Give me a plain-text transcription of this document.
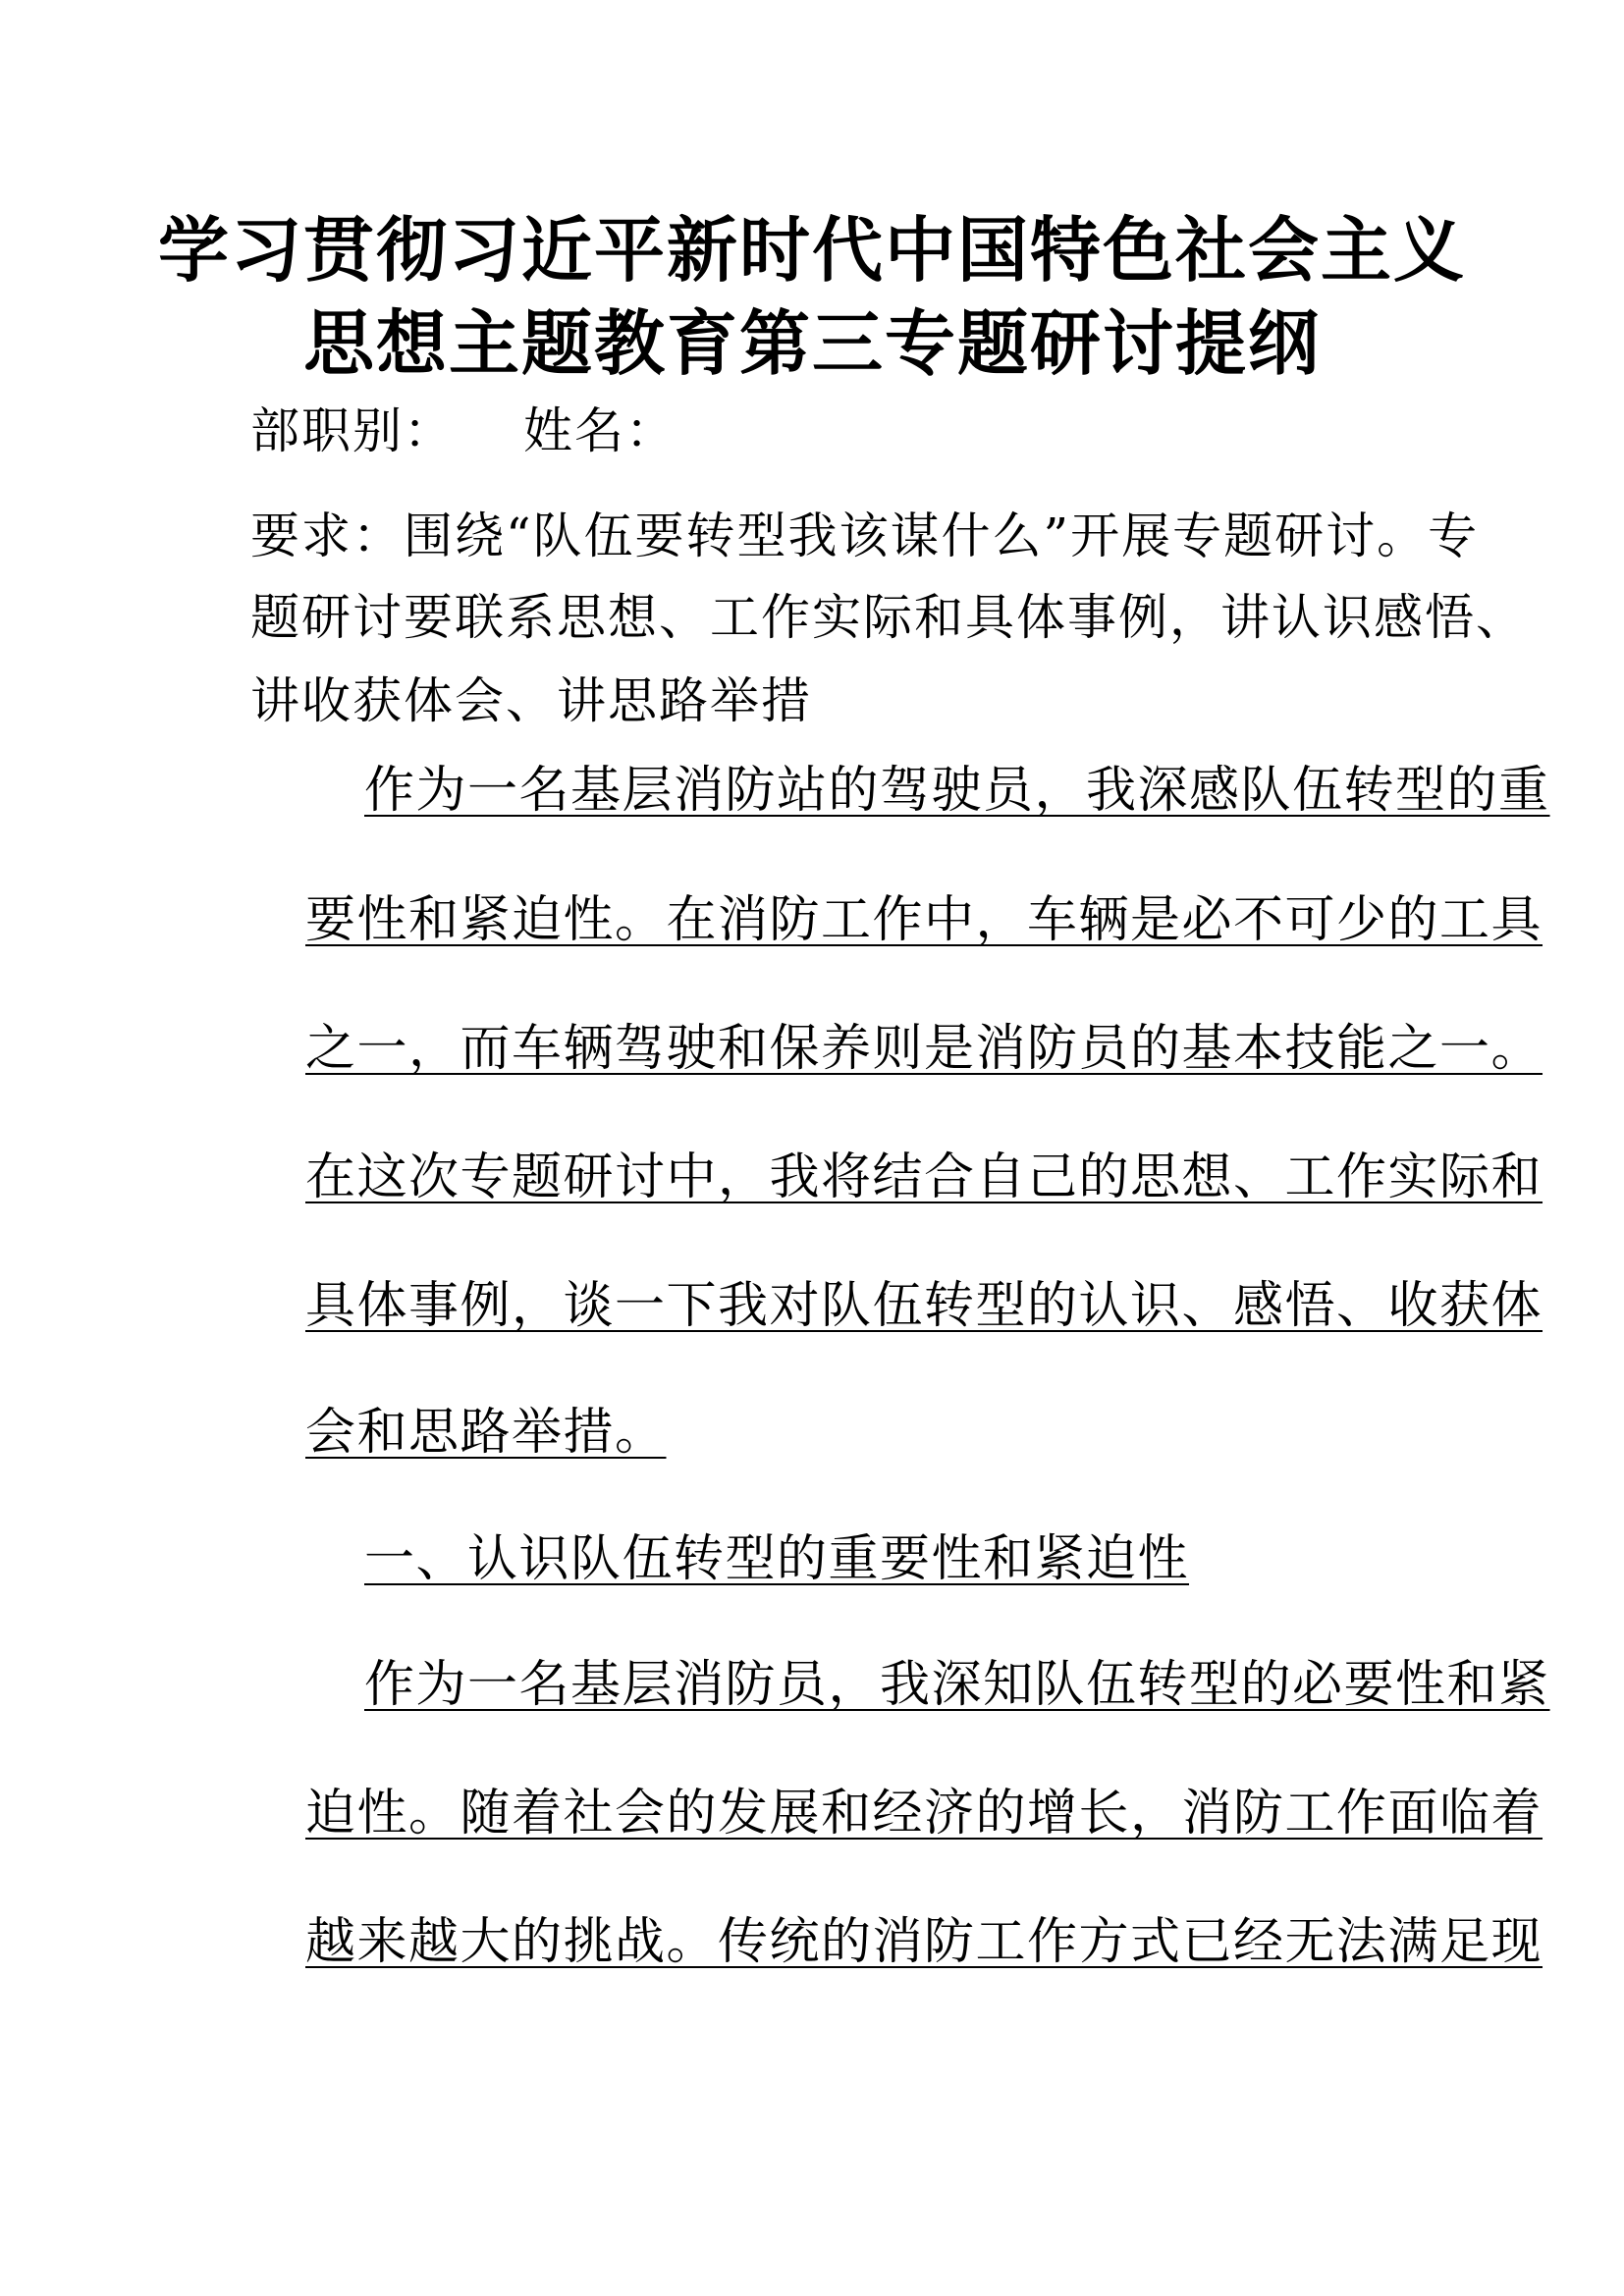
学习贯彻习近平新时代中国特色社会主义
思想主题教育第三专题研讨提纲
部职别： 姓名：
要求：围绕“队伍要转型我该谋什么”开展专题研讨。专
题研讨要联系思想、工作实际和具体事例，讲认识感悟、
讲收获体会、讲思路举措
作为一名基层消防站的驾驶员，我深感队伍转型的重
要性和紧迫性。在消防工作中，车辆是必不可少的工具
之一，而车辆驾驶和保养则是消防员的基本技能之一。
在这次专题研讨中，我将结合自己的思想、工作实际和
具体事例，谈一下我对队伍转型的认识、感悟、收获体
会和思路举措。
一、认识队伍转型的重要性和紧迫性
作为一名基层消防员，我深知队伍转型的必要性和紧
迫性。随着社会的发展和经济的增长，消防工作面临着
越来越大的挑战。传统的消防工作方式已经无法满足现
